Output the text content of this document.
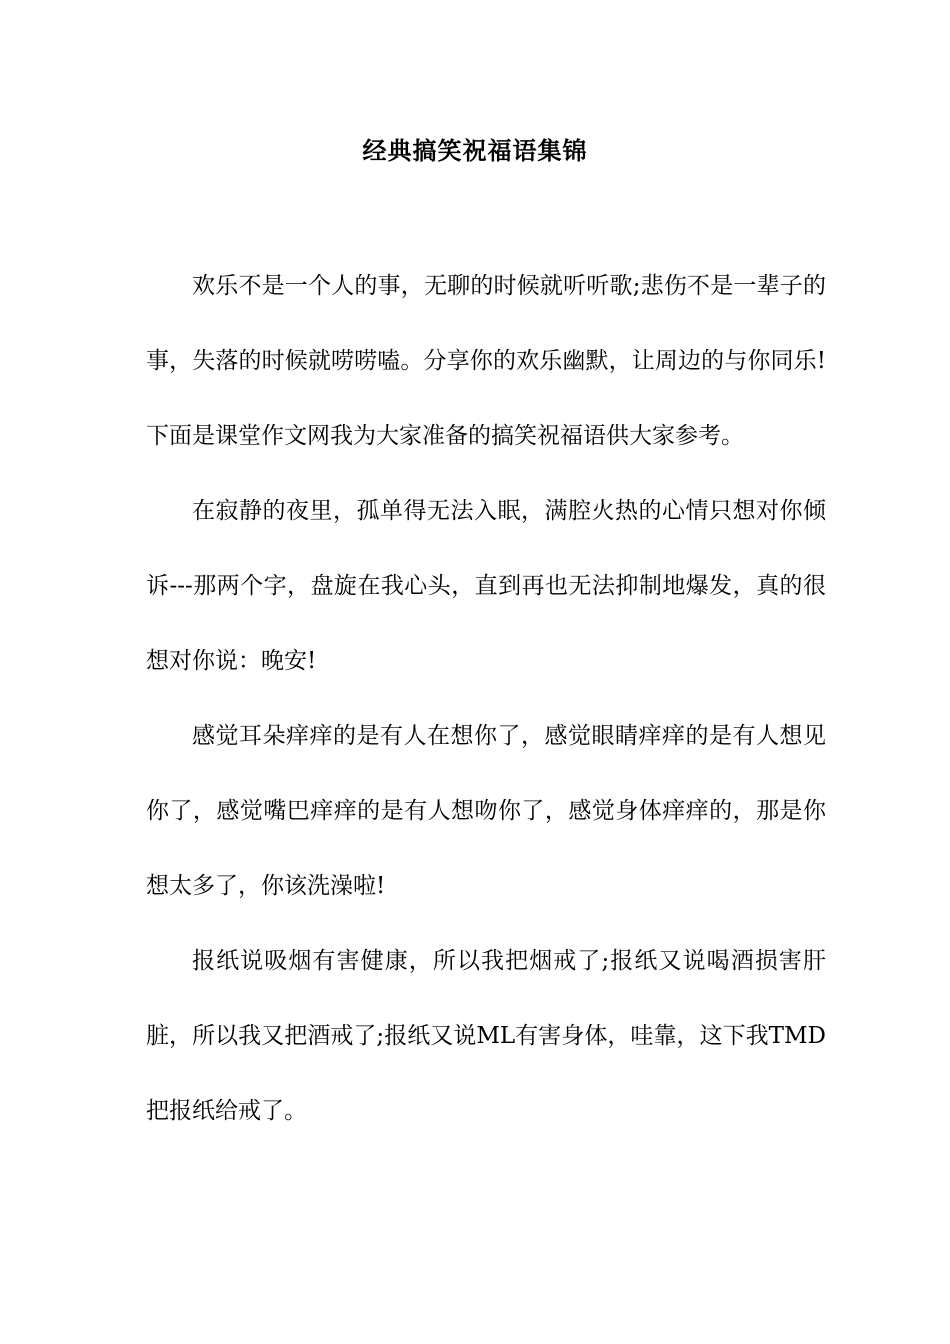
经典搞笑祝福语集锦

欢乐不是一个人的事，无聊的时候就听听歌;悲伤不是一辈子的事，失落的时候就唠唠嗑。分享你的欢乐幽默，让周边的与你同乐!下面是课堂作文网我为大家准备的搞笑祝福语供大家参考。

在寂静的夜里，孤单得无法入眠，满腔火热的心情只想对你倾诉---那两个字，盘旋在我心头，直到再也无法抑制地爆发，真的很想对你说：晚安!

感觉耳朵痒痒的是有人在想你了，感觉眼睛痒痒的是有人想见你了，感觉嘴巴痒痒的是有人想吻你了，感觉身体痒痒的，那是你想太多了，你该洗澡啦!

报纸说吸烟有害健康，所以我把烟戒了;报纸又说喝酒损害肝脏，所以我又把酒戒了;报纸又说ML有害身体，哇靠，这下我TMD把报纸给戒了。
